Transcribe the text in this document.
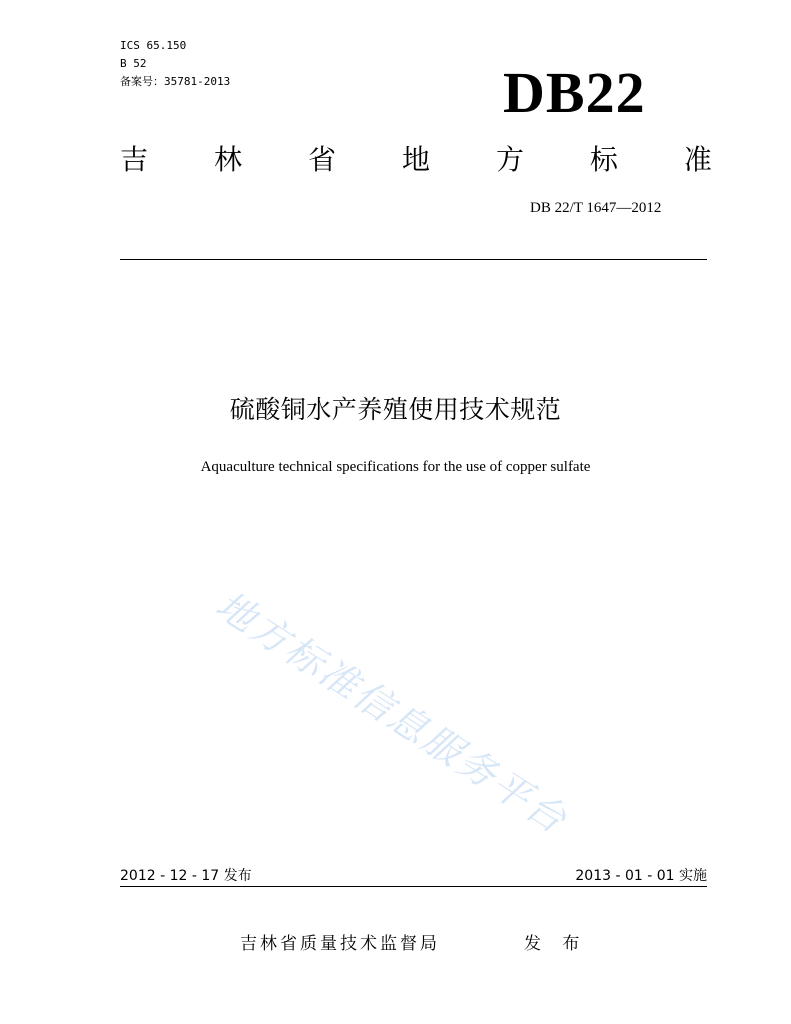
ICS 65.150
B 52
备案号：35781-2013	DB22
吉 林 省 地 方 标 准
DB 22/T 1647—2012
硫酸铜水产养殖使用技术规范
Aquaculture technical specifications for the use of copper sulfate
地方标准信息服务平台
2012 - 12 - 17 发布	2013 - 01 - 01 实施
吉林省质量技术监督局	发 布
